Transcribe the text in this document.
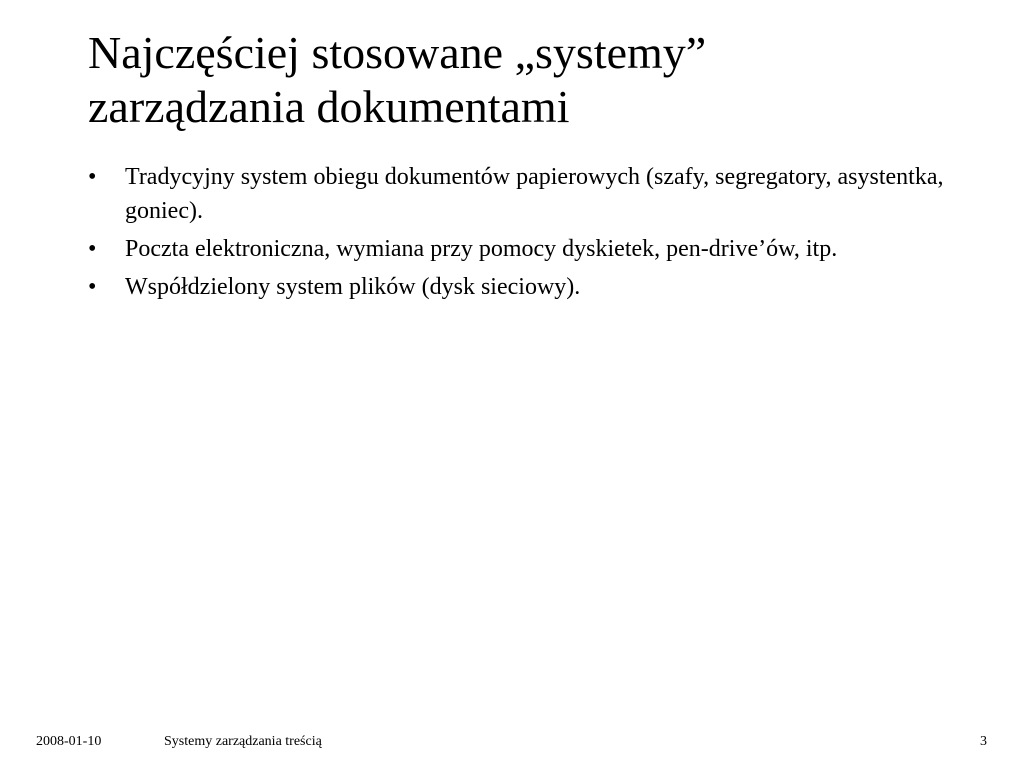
Najczęściej stosowane „systemy”
zarządzania dokumentami
• Tradycyjny system obiegu dokumentów papierowych (szafy, segregatory, asystentka, goniec).
• Poczta elektroniczna, wymiana przy pomocy dyskietek, pen-drive’ów, itp.
• Współdzielony system plików (dysk sieciowy).
2008-01-10	Systemy zarządzania treścią	3
